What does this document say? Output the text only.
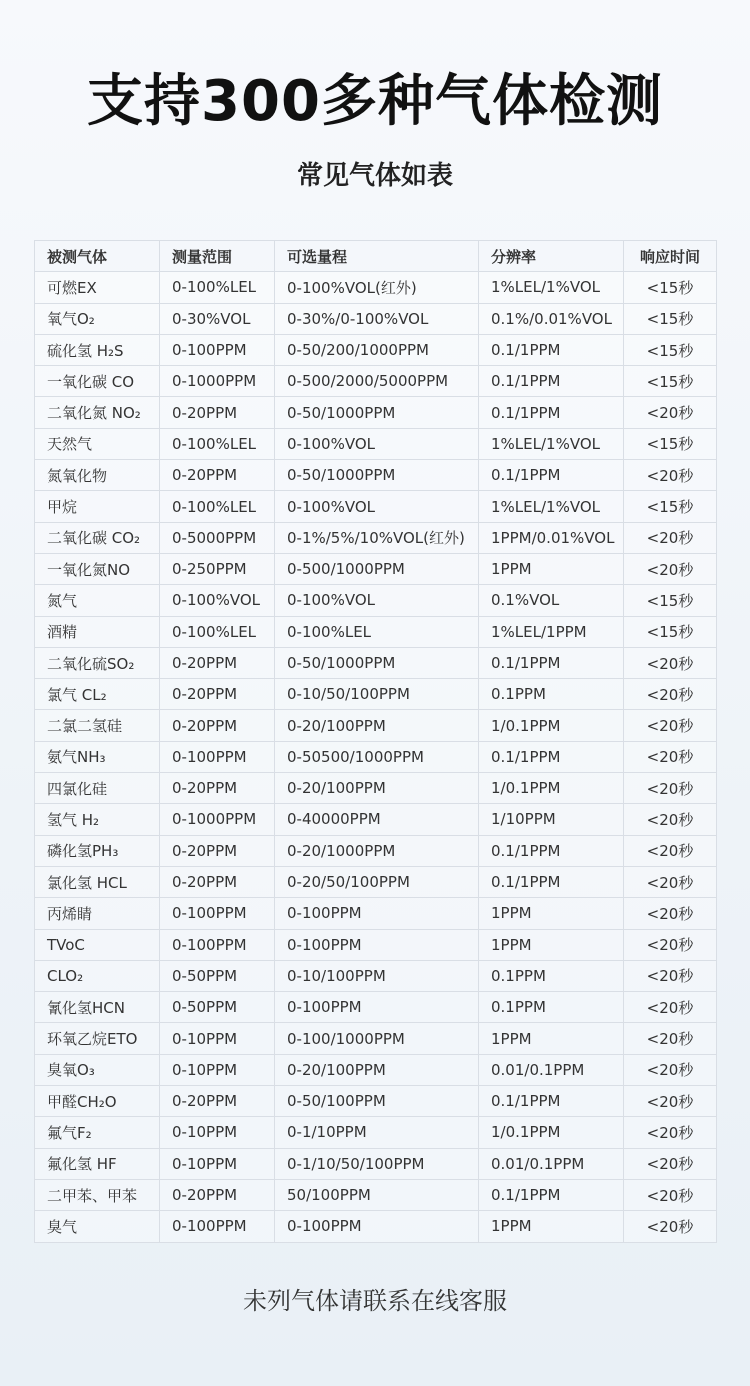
支持300多种气体检测
常见气体如表
被测气体	测量范围	可选量程	分辨率	响应时间
可燃EX	0-100%LEL	0-100%VOL(红外)	1%LEL/1%VOL	<15秒
氧气O₂	0-30%VOL	0-30%/0-100%VOL	0.1%/0.01%VOL	<15秒
硫化氢 H₂S	0-100PPM	0-50/200/1000PPM	0.1/1PPM	<15秒
一氧化碳 CO	0-1000PPM	0-500/2000/5000PPM	0.1/1PPM	<15秒
二氧化氮 NO₂	0-20PPM	0-50/1000PPM	0.1/1PPM	<20秒
天然气	0-100%LEL	0-100%VOL	1%LEL/1%VOL	<15秒
氮氧化物	0-20PPM	0-50/1000PPM	0.1/1PPM	<20秒
甲烷	0-100%LEL	0-100%VOL	1%LEL/1%VOL	<15秒
二氧化碳 CO₂	0-5000PPM	0-1%/5%/10%VOL(红外)	1PPM/0.01%VOL	<20秒
一氧化氮NO	0-250PPM	0-500/1000PPM	1PPM	<20秒
氮气	0-100%VOL	0-100%VOL	0.1%VOL	<15秒
酒精	0-100%LEL	0-100%LEL	1%LEL/1PPM	<15秒
二氧化硫SO₂	0-20PPM	0-50/1000PPM	0.1/1PPM	<20秒
氯气 CL₂	0-20PPM	0-10/50/100PPM	0.1PPM	<20秒
二氯二氢硅	0-20PPM	0-20/100PPM	1/0.1PPM	<20秒
氨气NH₃	0-100PPM	0-50500/1000PPM	0.1/1PPM	<20秒
四氯化硅	0-20PPM	0-20/100PPM	1/0.1PPM	<20秒
氢气 H₂	0-1000PPM	0-40000PPM	1/10PPM	<20秒
磷化氢PH₃	0-20PPM	0-20/1000PPM	0.1/1PPM	<20秒
氯化氢 HCL	0-20PPM	0-20/50/100PPM	0.1/1PPM	<20秒
丙烯睛	0-100PPM	0-100PPM	1PPM	<20秒
TVoC	0-100PPM	0-100PPM	1PPM	<20秒
CLO₂	0-50PPM	0-10/100PPM	0.1PPM	<20秒
氰化氢HCN	0-50PPM	0-100PPM	0.1PPM	<20秒
环氧乙烷ETO	0-10PPM	0-100/1000PPM	1PPM	<20秒
臭氧O₃	0-10PPM	0-20/100PPM	0.01/0.1PPM	<20秒
甲醛CH₂O	0-20PPM	0-50/100PPM	0.1/1PPM	<20秒
氟气F₂	0-10PPM	0-1/10PPM	1/0.1PPM	<20秒
氟化氢 HF	0-10PPM	0-1/10/50/100PPM	0.01/0.1PPM	<20秒
二甲苯、甲苯	0-20PPM	50/100PPM	0.1/1PPM	<20秒
臭气	0-100PPM	0-100PPM	1PPM	<20秒
未列气体请联系在线客服
